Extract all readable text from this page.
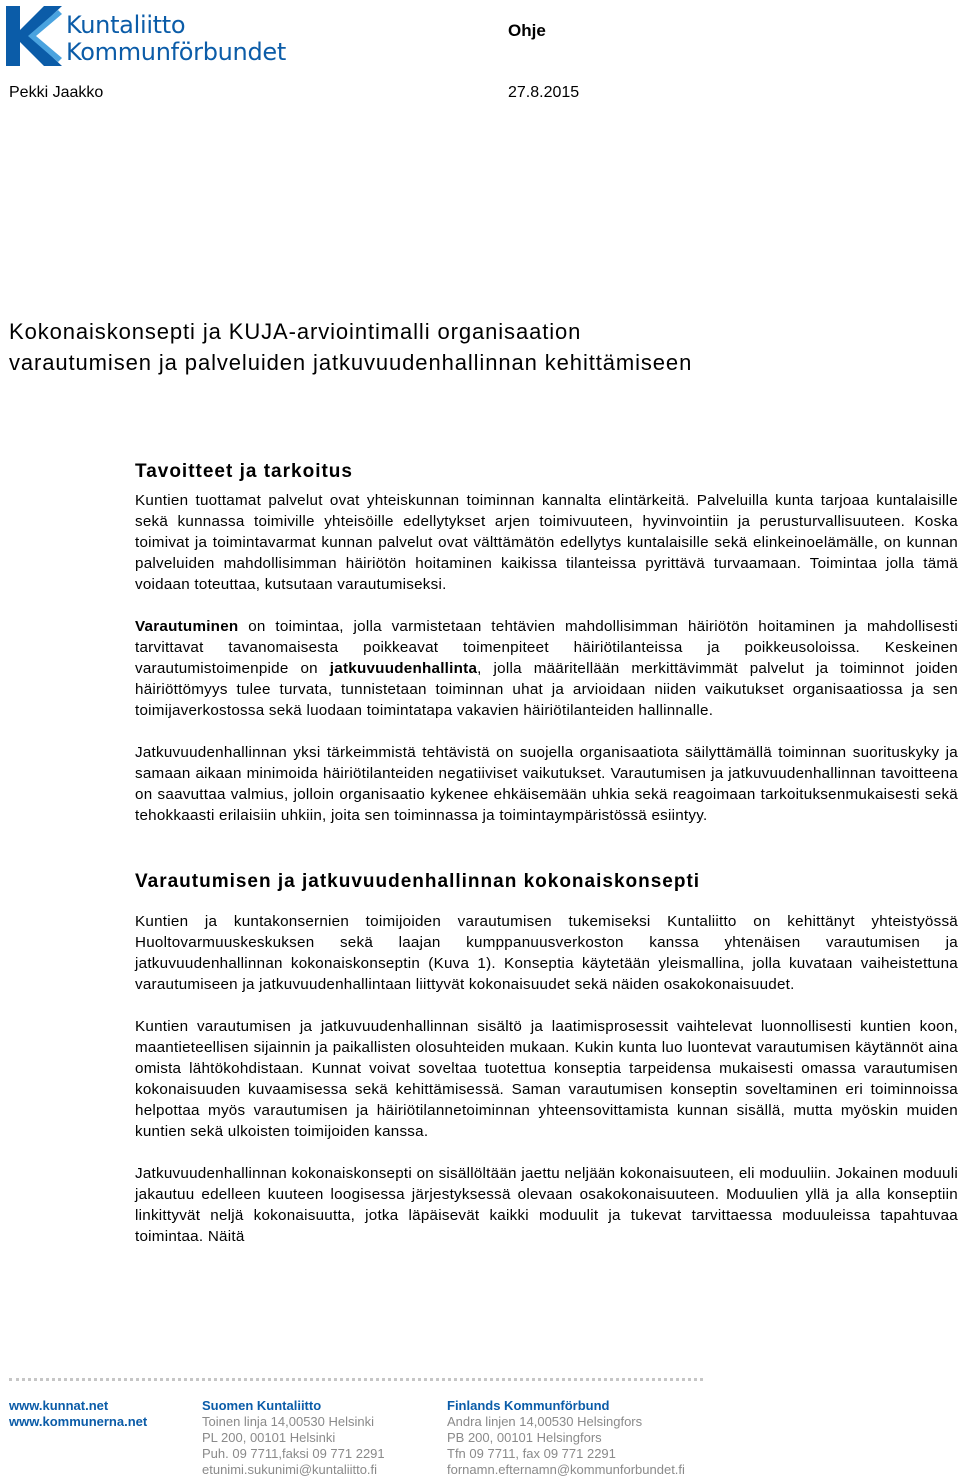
Kuntaliitto
Kommunförbundet
Ohje
Pekki Jaakko	27.8.2015
Kokonaiskonsepti ja KUJA-arviointimalli organisaation varautumisen ja palveluiden jatkuvuudenhallinnan kehittämiseen
Tavoitteet ja tarkoitus

Kuntien tuottamat palvelut ovat yhteiskunnan toiminnan kannalta elintärkeitä. Palveluilla kunta tarjoaa kuntalaisille sekä kunnassa toimiville yhteisöille edellytykset arjen toimivuuteen, hyvinvointiin ja perusturvallisuuteen. Koska toimivat ja toimintavarmat kunnan palvelut ovat välttämätön edellytys kuntalaisille sekä elinkeinoelämälle, on kunnan palveluiden mahdollisimman häiriötön hoitaminen kaikissa tilanteissa pyrittävä turvaamaan. Toimintaa jolla tämä voidaan toteuttaa, kutsutaan varautumiseksi.

Varautuminen on toimintaa, jolla varmistetaan tehtävien mahdollisimman häiriötön hoitaminen ja mahdollisesti tarvittavat tavanomaisesta poikkeavat toimenpiteet häiriötilanteissa ja poikkeusoloissa. Keskeinen varautumistoimenpide on jatkuvuudenhallinta, jolla määritellään merkittävimmät palvelut ja toiminnot joiden häiriöttömyys tulee turvata, tunnistetaan toiminnan uhat ja arvioidaan niiden vaikutukset organisaatiossa ja sen toimijaverkostossa sekä luodaan toimintatapa vakavien häiriötilanteiden hallinnalle.

Jatkuvuudenhallinnan yksi tärkeimmistä tehtävistä on suojella organisaatiota säilyttämällä toiminnan suorituskyky ja samaan aikaan minimoida häiriötilanteiden negatiiviset vaikutukset. Varautumisen ja jatkuvuudenhallinnan tavoitteena on saavuttaa valmius, jolloin organisaatio kykenee ehkäisemään uhkia sekä reagoimaan tarkoituksenmukaisesti sekä tehokkaasti erilaisiin uhkiin, joita sen toiminnassa ja toimintaympäristössä esiintyy.

Varautumisen ja jatkuvuudenhallinnan kokonaiskonsepti

Kuntien ja kuntakonsernien toimijoiden varautumisen tukemiseksi Kuntaliitto on kehittänyt yhteistyössä Huoltovarmuuskeskuksen sekä laajan kumppanuusverkoston kanssa yhtenäisen varautumisen ja jatkuvuudenhallinnan kokonaiskonseptin (Kuva 1). Konseptia käytetään yleismallina, jolla kuvataan vaiheistettuna varautumiseen ja jatkuvuudenhallintaan liittyvät kokonaisuudet sekä näiden osakokonaisuudet.

Kuntien varautumisen ja jatkuvuudenhallinnan sisältö ja laatimisprosessit vaihtelevat luonnollisesti kuntien koon, maantieteellisen sijainnin ja paikallisten olosuhteiden mukaan. Kukin kunta luo luontevat varautumisen käytännöt aina omista lähtökohdistaan. Kunnat voivat soveltaa tuotettua konseptia tarpeidensa mukaisesti omassa varautumisen kokonaisuuden kuvaamisessa sekä kehittämisessä. Saman varautumisen konseptin soveltaminen eri toiminnoissa helpottaa myös varautumisen ja häiriötilannetoiminnan yhteensovittamista kunnan sisällä, mutta myöskin muiden kuntien sekä ulkoisten toimijoiden kanssa.

Jatkuvuudenhallinnan kokonaiskonsepti on sisällöltään jaettu neljään kokonaisuuteen, eli moduuliin. Jokainen moduuli jakautuu edelleen kuuteen loogisessa järjestyksessä olevaan osakokonaisuuteen. Moduulien yllä ja alla konseptiin linkittyvät neljä kokonaisuutta, jotka läpäisevät kaikki moduulit ja tukevat tarvittaessa moduuleissa tapahtuvaa toimintaa. Näitä

www.kunnat.net
www.kommunerna.net
Suomen Kuntaliitto
Toinen linja 14,00530 Helsinki
PL 200, 00101 Helsinki
Puh. 09 7711,faksi 09 771 2291
etunimi.sukunimi@kuntaliitto.fi
Finlands Kommunförbund
Andra linjen 14,00530 Helsingfors
PB 200, 00101 Helsingfors
Tfn 09 7711, fax 09 771 2291
fornamn.efternamn@kommunforbundet.fi
